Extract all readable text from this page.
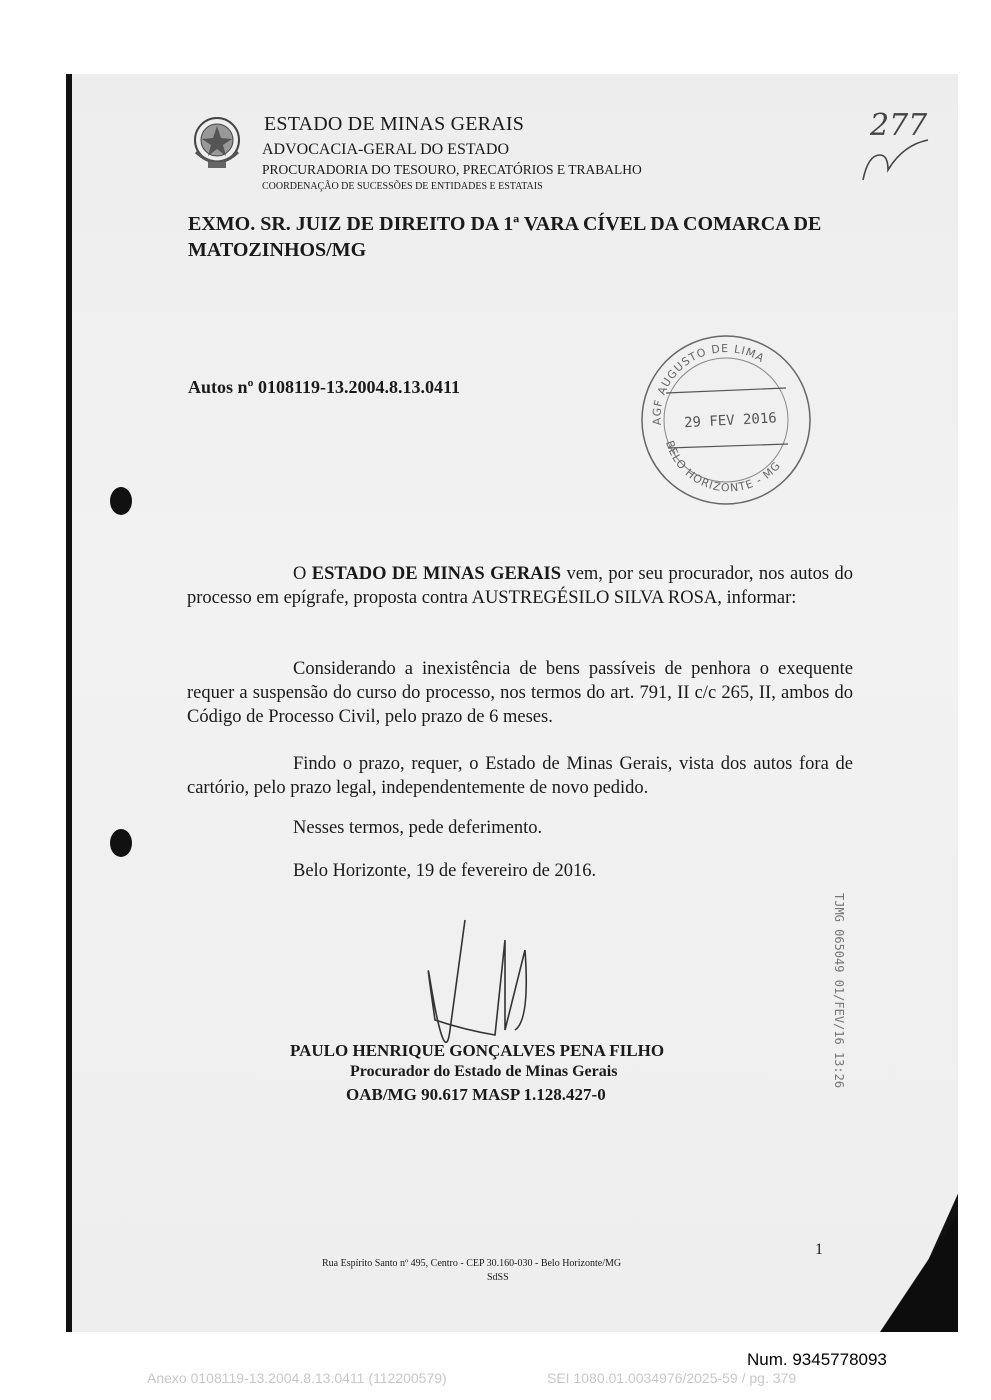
ESTADO DE MINAS GERAIS
ADVOCACIA-GERAL DO ESTADO
PROCURADORIA DO TESOURO, PRECATÓRIOS E TRABALHO
COORDENAÇÃO DE SUCESSÕES DE ENTIDADES E ESTATAIS
277
EXMO. SR. JUIZ DE DIREITO DA 1ª VARA CÍVEL DA COMARCA DE MATOZINHOS/MG
Autos nº 0108119-13.2004.8.13.0411
AGF AUGUSTO DE LIMA
29 FEV 2016
BELO HORIZONTE - MG
O ESTADO DE MINAS GERAIS vem, por seu procurador, nos autos do processo em epígrafe, proposta contra AUSTREGÉSILO SILVA ROSA, informar:
Considerando a inexistência de bens passíveis de penhora o exequente requer a suspensão do curso do processo, nos termos do art. 791, II c/c 265, II, ambos do Código de Processo Civil, pelo prazo de 6 meses.
Findo o prazo, requer, o Estado de Minas Gerais, vista dos autos fora de cartório, pelo prazo legal, independentemente de novo pedido.
Nesses termos, pede deferimento.
Belo Horizonte, 19 de fevereiro de 2016.
PAULO HENRIQUE GONÇALVES PENA FILHO
Procurador do Estado de Minas Gerais
OAB/MG 90.617 MASP 1.128.427-0
TJMG 065049 01/FEV/16 13:26
1
Rua Espírito Santo nº 495, Centro - CEP 30.160-030 - Belo Horizonte/MG
SdSS
Num. 9345778093
Anexo 0108119-13.2004.8.13.0411 (112200579)	SEI 1080.01.0034976/2025-59 / pg. 379
